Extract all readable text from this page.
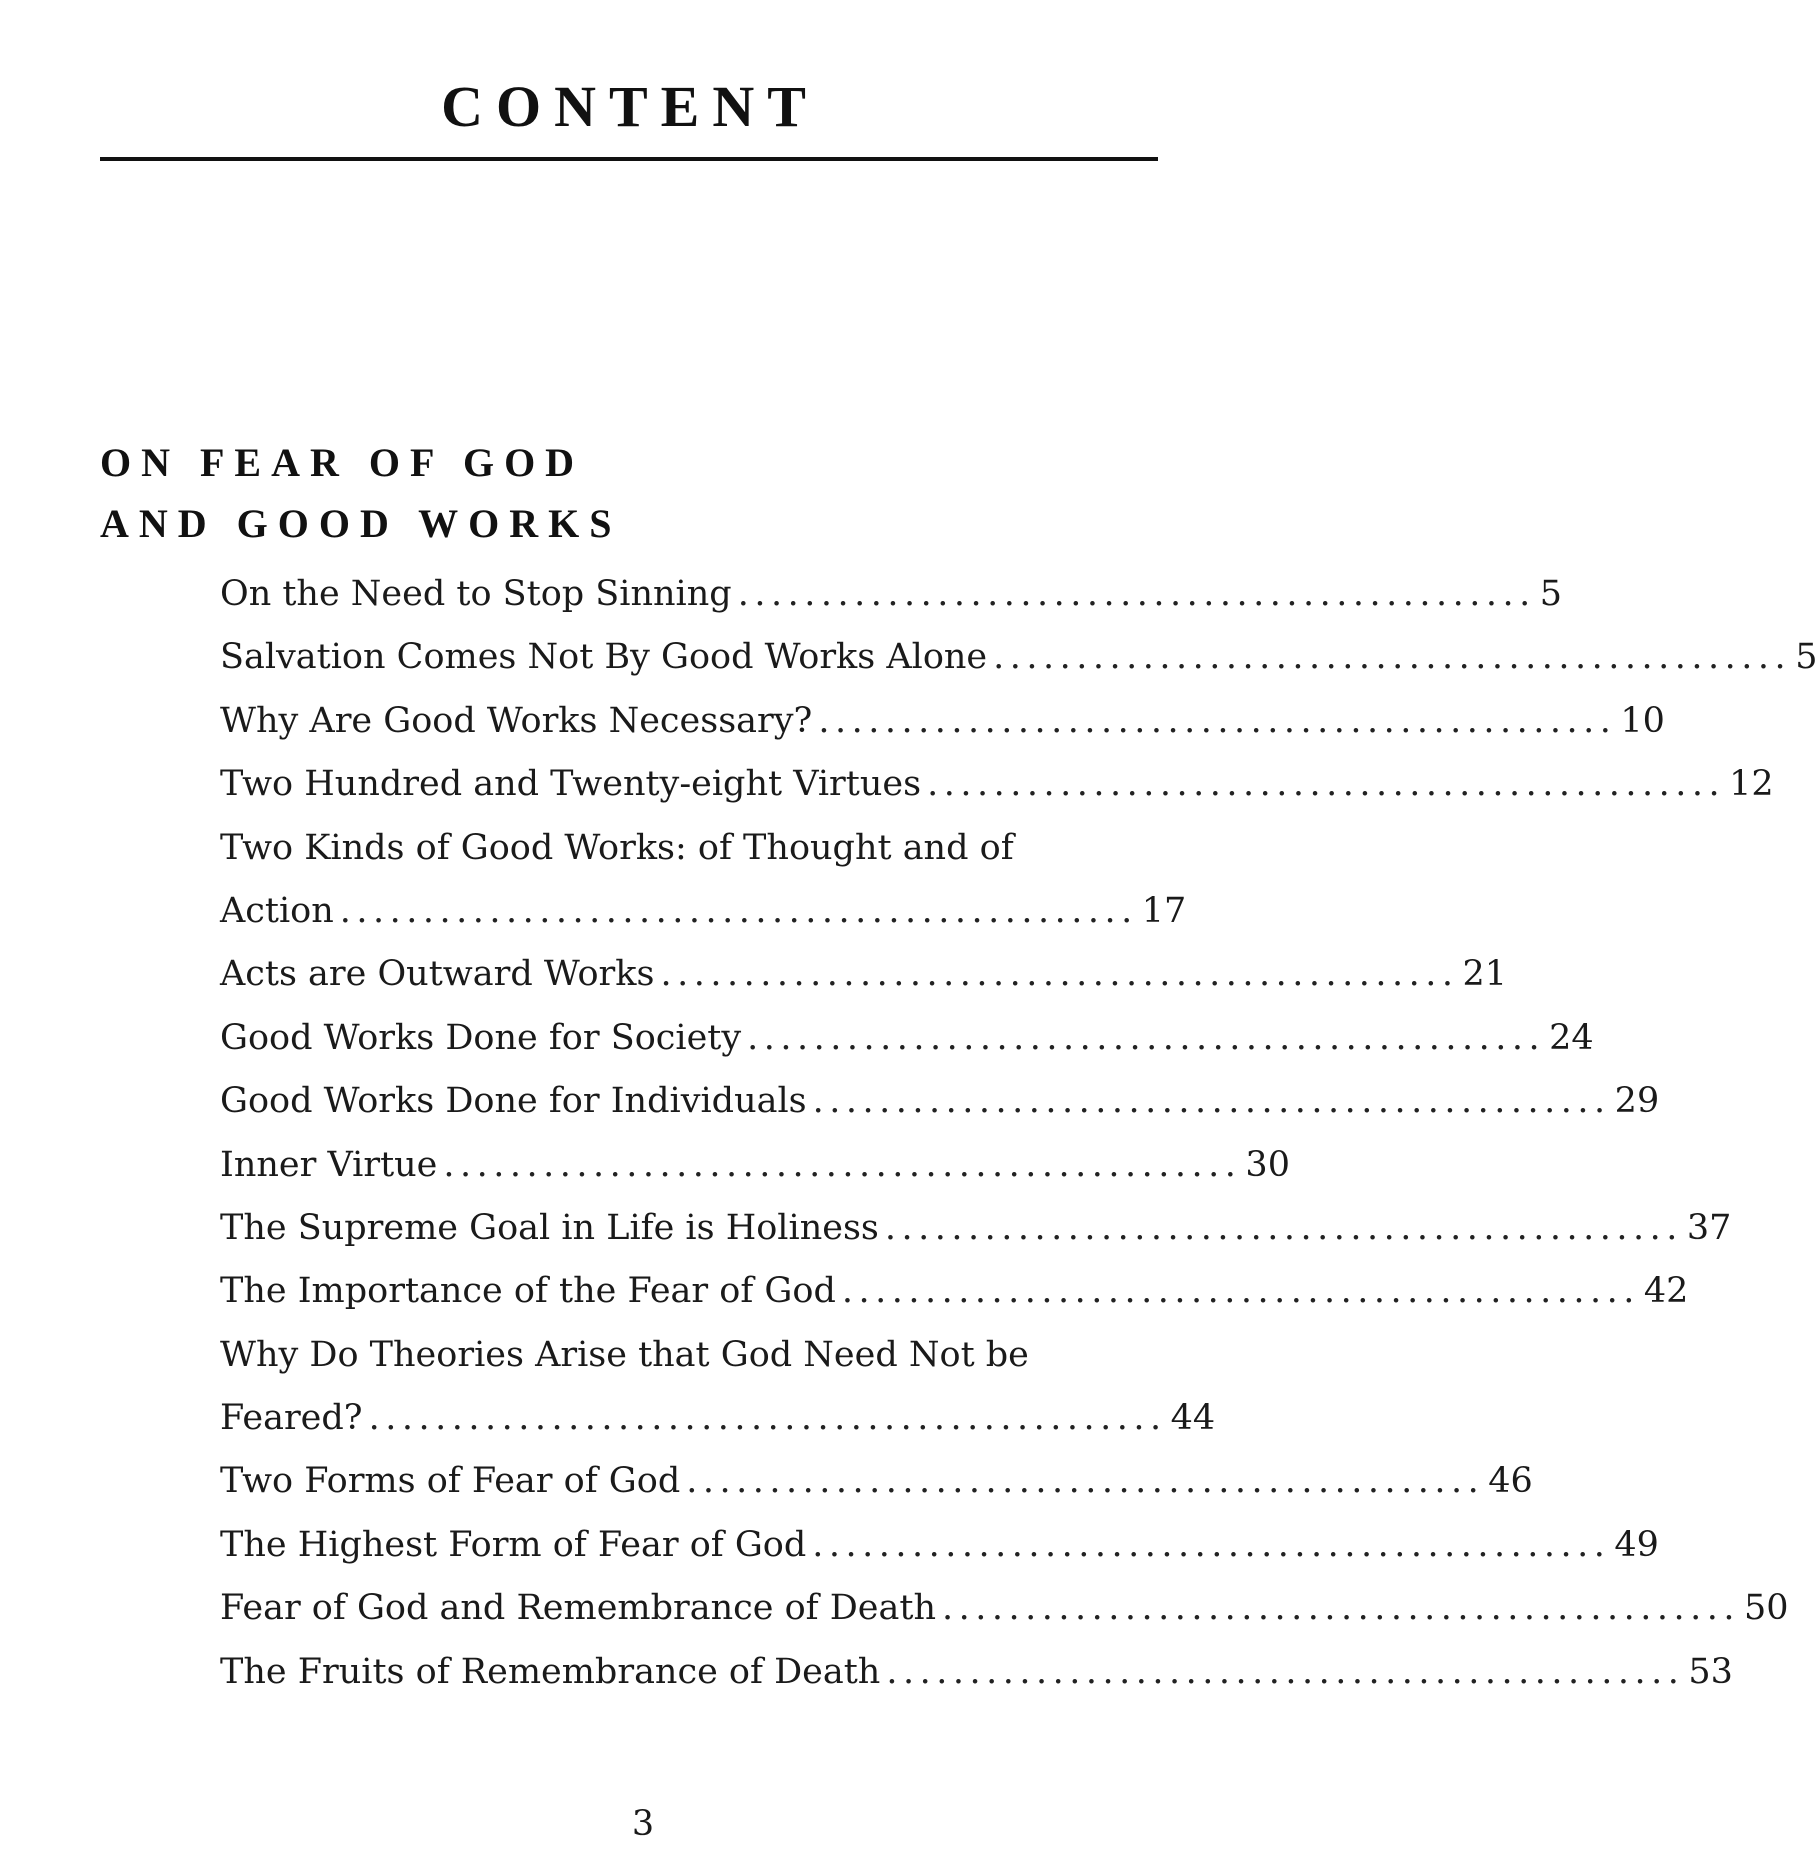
CONTENT
ON FEAR OF GOD
AND GOOD WORKS
On the Need to Stop Sinning ................................................ 5
Salvation Comes Not By Good Works Alone ................................................ 5
Why Are Good Works Necessary? ................................................ 10
Two Hundred and Twenty-eight Virtues ................................................ 12
Two Kinds of Good Works: of Thought and of
Action ................................................ 17
Acts are Outward Works ................................................ 21
Good Works Done for Society ................................................ 24
Good Works Done for Individuals ................................................ 29
Inner Virtue ................................................ 30
The Supreme Goal in Life is Holiness ................................................ 37
The Importance of the Fear of God ................................................ 42
Why Do Theories Arise that God Need Not be
Feared? ................................................ 44
Two Forms of Fear of God ................................................ 46
The Highest Form of Fear of God ................................................ 49
Fear of God and Remembrance of Death ................................................ 50
The Fruits of Remembrance of Death ................................................ 53
3
